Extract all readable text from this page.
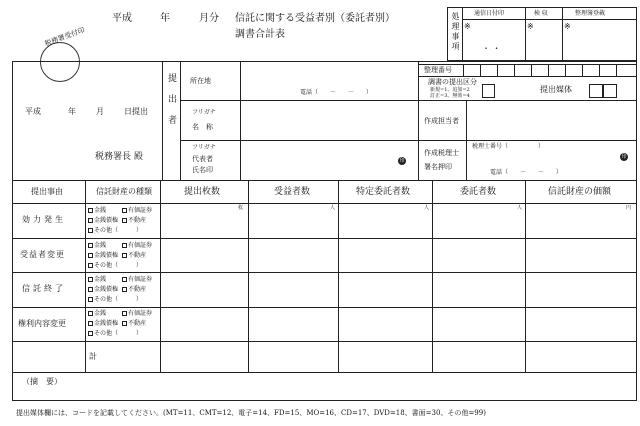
税務署受付印
平成	年	月分 信託に関する受益者別（委託者別）
調書合計表	処理事項 通信日付印	検 収	整理簿登載
※	※	※
・ ・
平成	年	月	日提出
税務署長 殿
提出者 所在地
電話（　　－　　－　　）
フリガナ
名　称
フリガナ
代表者
氏名印
印
整理番号
調書の提出区分
新規=1、追加=2
訂正=3、無効=4
提出媒体
作成担当者
作成税理士
署名押印
税理士番号（　　　　　）
電話（　　－　　－　　）
印
提出事由	信託財産の種類	提出枚数	受益者数	特定委託者数	委託者数	信託財産の価額
枚	人	人	人	円
効力発生
金銭	有価証券
金銭債権	不動産
その他（　　　）
受益者変更
金銭	有価証券
金銭債権	不動産
その他（　　　）
信託終了
金銭	有価証券
金銭債権	不動産
その他（　　　）
権利内容変更
金銭	有価証券
金銭債権	不動産
その他（　　　）
計
（摘　要）
提出媒体欄には、コードを記載してください。(MT=11、CMT=12、電子=14、FD=15、MO=16、CD=17、DVD=18、書面=30、その他=99)
